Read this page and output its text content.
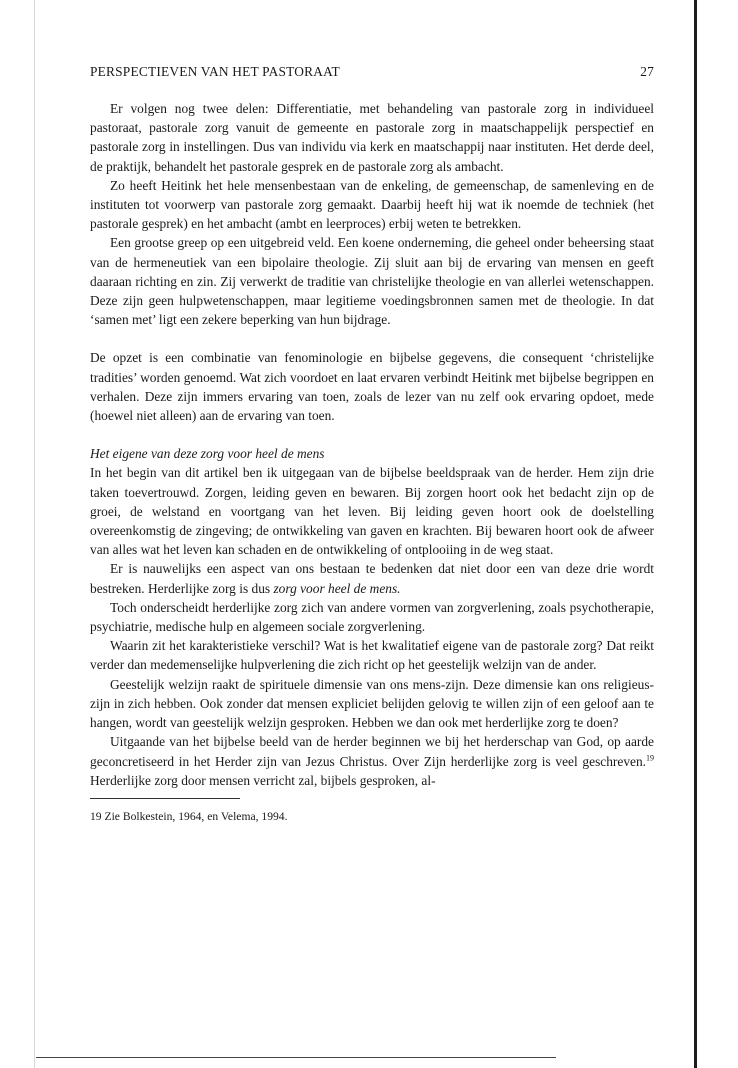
PERSPECTIEVEN VAN HET PASTORAAT	27

Er volgen nog twee delen: Differentiatie, met behandeling van pastorale zorg in individueel pastoraat, pastorale zorg vanuit de gemeente en pastorale zorg in maatschappelijk perspectief en pastorale zorg in instellingen. Dus van individu via kerk en maatschappij naar instituten. Het derde deel, de praktijk, behandelt het pastorale gesprek en de pastorale zorg als ambacht.

Zo heeft Heitink het hele mensenbestaan van de enkeling, de gemeenschap, de samenleving en de instituten tot voorwerp van pastorale zorg gemaakt. Daarbij heeft hij wat ik noemde de techniek (het pastorale gesprek) en het ambacht (ambt en leerproces) erbij weten te betrekken.

Een grootse greep op een uitgebreid veld. Een koene onderneming, die geheel onder beheersing staat van de hermeneutiek van een bipolaire theologie. Zij sluit aan bij de ervaring van mensen en geeft daaraan richting en zin. Zij verwerkt de traditie van christelijke theologie en van allerlei wetenschappen. Deze zijn geen hulpwetenschappen, maar legitieme voedingsbronnen samen met de theologie. In dat ‘samen met’ ligt een zekere beperking van hun bijdrage.

De opzet is een combinatie van fenominologie en bijbelse gegevens, die consequent ‘christelijke tradities’ worden genoemd. Wat zich voordoet en laat ervaren verbindt Heitink met bijbelse begrippen en verhalen. Deze zijn immers ervaring van toen, zoals de lezer van nu zelf ook ervaring opdoet, mede (hoewel niet alleen) aan de ervaring van toen.

Het eigene van deze zorg voor heel de mens

In het begin van dit artikel ben ik uitgegaan van de bijbelse beeldspraak van de herder. Hem zijn drie taken toevertrouwd. Zorgen, leiding geven en bewaren. Bij zorgen hoort ook het bedacht zijn op de groei, de welstand en voortgang van het leven. Bij leiding geven hoort ook de doelstelling overeenkomstig de zingeving; de ontwikkeling van gaven en krachten. Bij bewaren hoort ook de afweer van alles wat het leven kan schaden en de ontwikkeling of ontplooiing in de weg staat.

Er is nauwelijks een aspect van ons bestaan te bedenken dat niet door een van deze drie wordt bestreken. Herderlijke zorg is dus zorg voor heel de mens.

Toch onderscheidt herderlijke zorg zich van andere vormen van zorgverlening, zoals psychotherapie, psychiatrie, medische hulp en algemeen sociale zorgverlening.

Waarin zit het karakteristieke verschil? Wat is het kwalitatief eigene van de pastorale zorg? Dat reikt verder dan medemenselijke hulpverlening die zich richt op het geestelijk welzijn van de ander.

Geestelijk welzijn raakt de spirituele dimensie van ons mens-zijn. Deze dimensie kan ons religieus-zijn in zich hebben. Ook zonder dat mensen expliciet belijden gelovig te willen zijn of een geloof aan te hangen, wordt van geestelijk welzijn gesproken. Hebben we dan ook met herderlijke zorg te doen?

Uitgaande van het bijbelse beeld van de herder beginnen we bij het herderschap van God, op aarde geconcretiseerd in het Herder zijn van Jezus Christus. Over Zijn herderlijke zorg is veel geschreven.$^{19}$ Herderlijke zorg door mensen verricht zal, bijbels gesproken, al-

19 Zie Bolkestein, 1964, en Velema, 1994.
